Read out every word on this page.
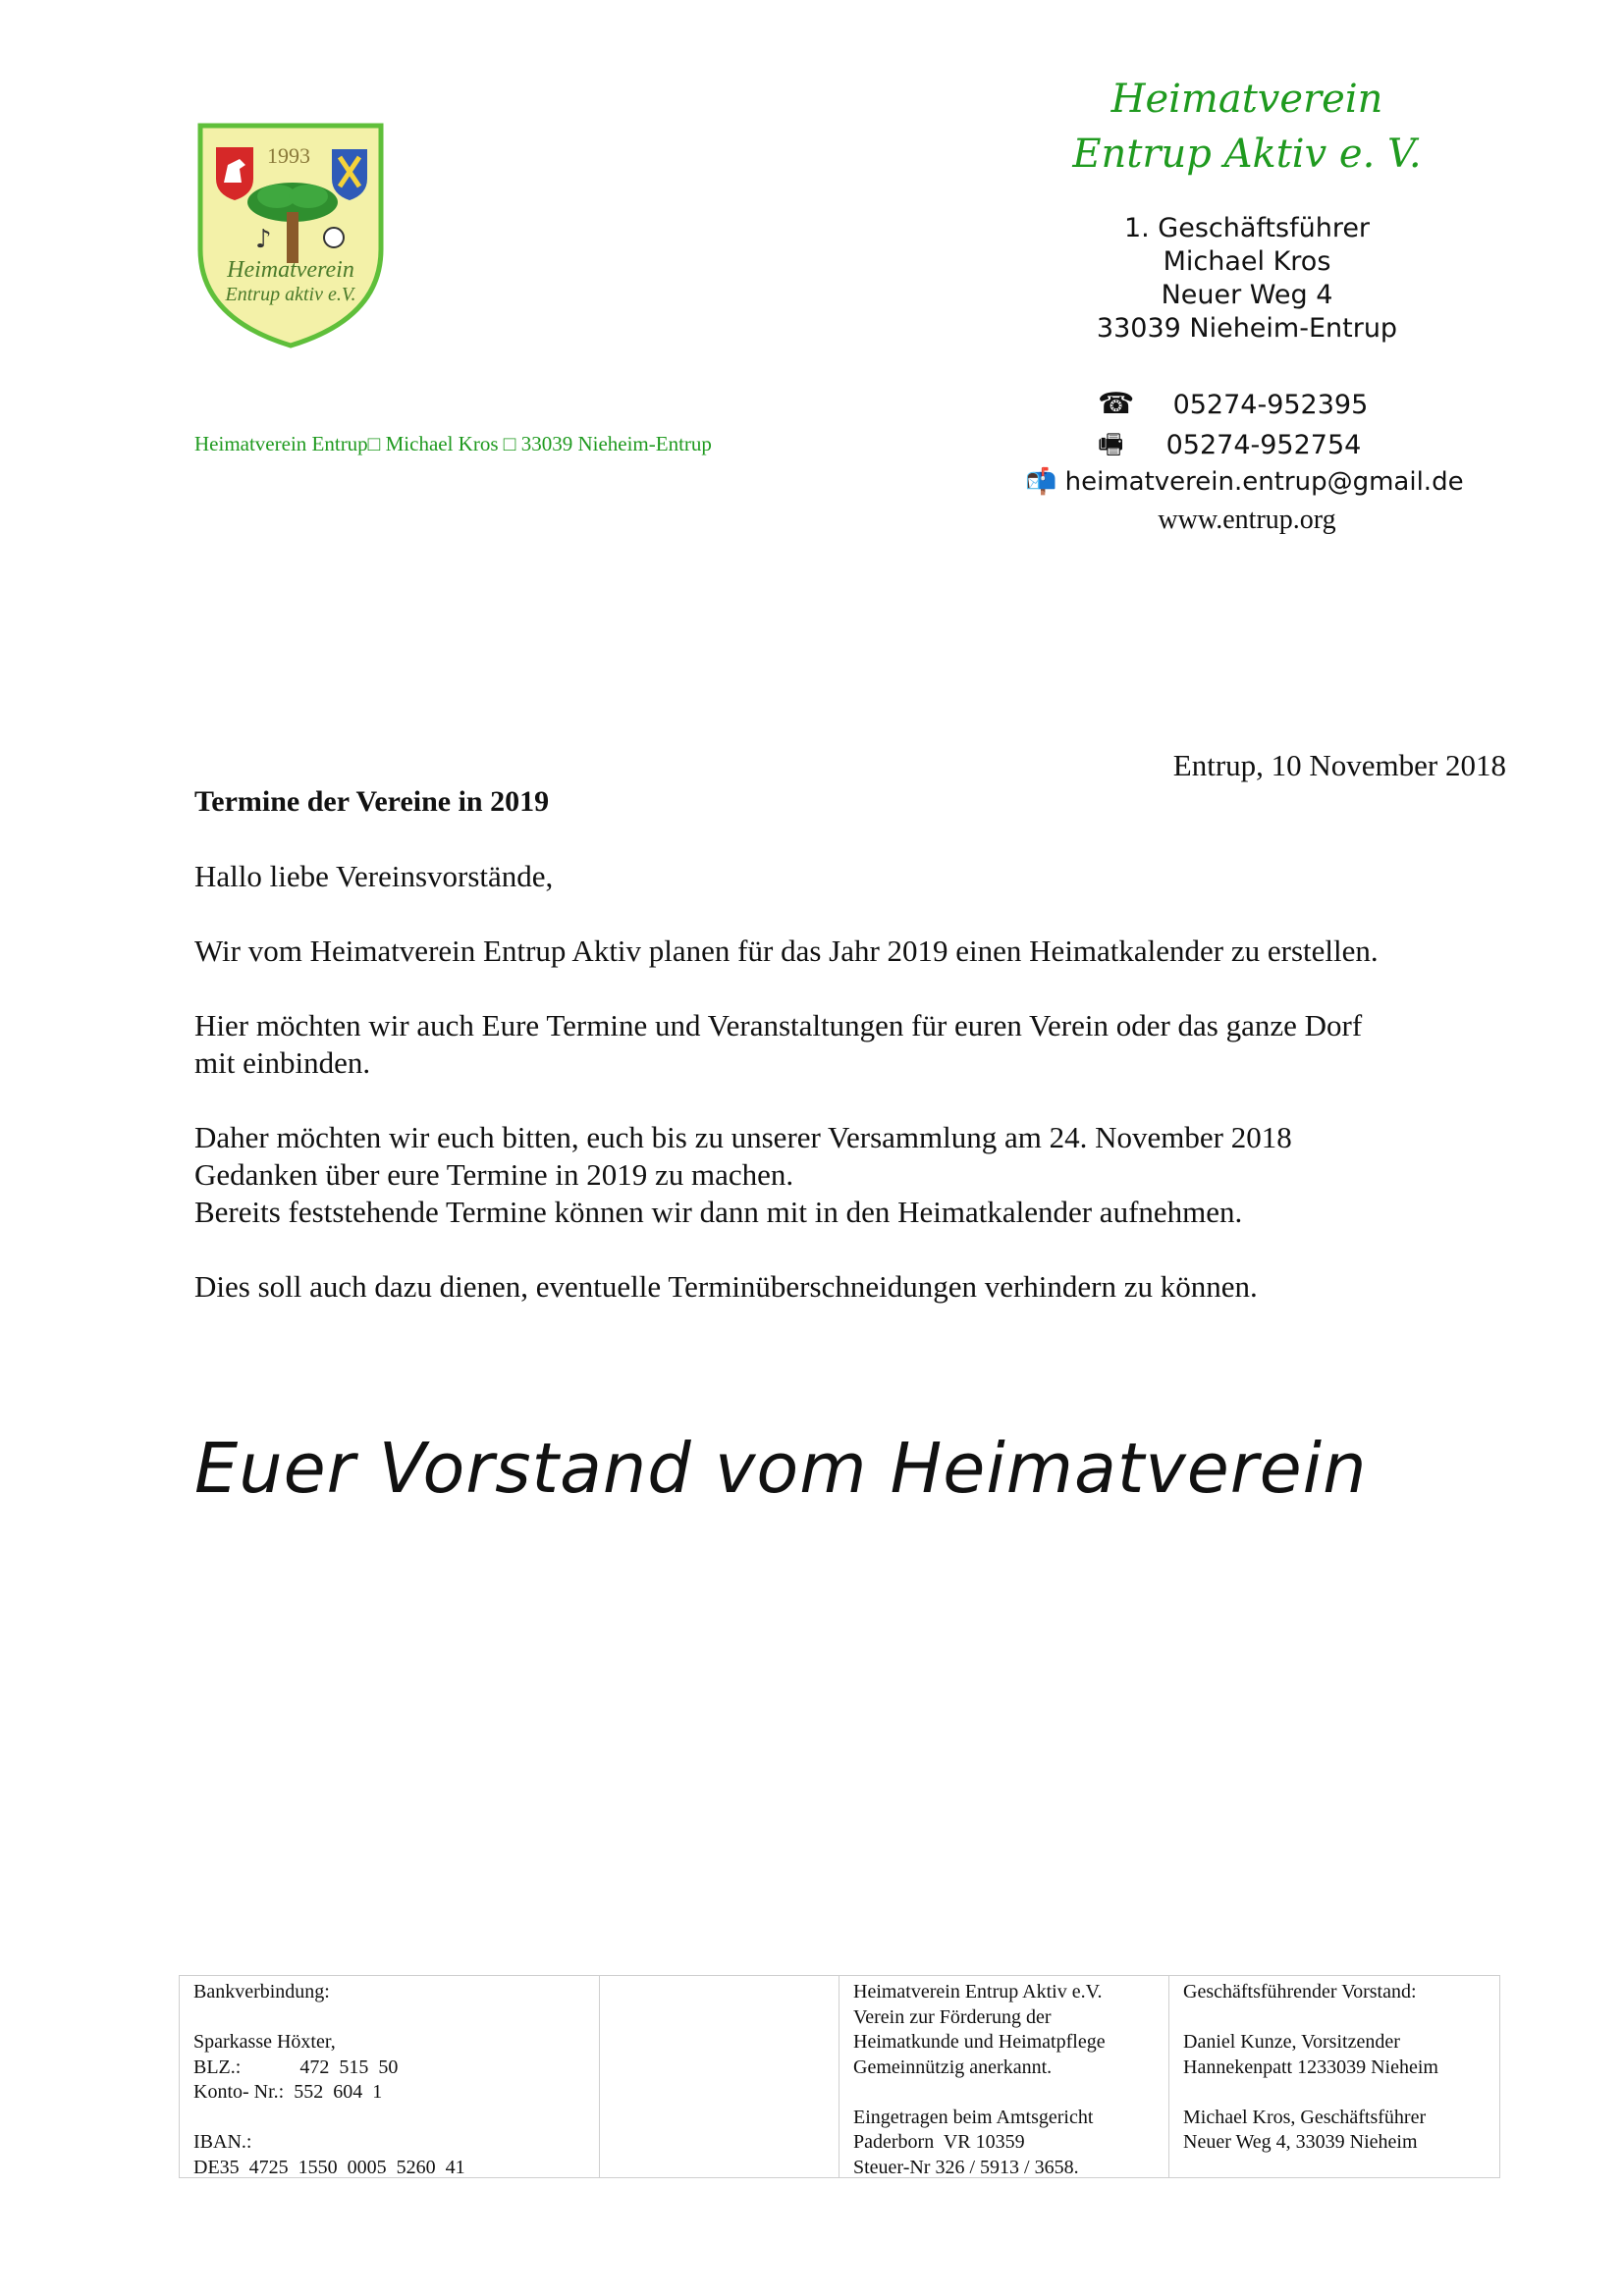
1993
♪
Heimatverein
Entrup aktiv e.V.
Heimatverein
Entrup Aktiv e. V.
1. Geschäftsführer
Michael Kros
Neuer Weg 4
33039 Nieheim-Entrup
☎ 05274-952395
🖷 05274-952754
📬 heimatverein.entrup@gmail.de
www.entrup.org
Heimatverein Entrup□ Michael Kros □ 33039 Nieheim-Entrup
Entrup, 10 November 2018
Termine der Vereine in 2019
Hallo liebe Vereinsvorstände,
Wir vom Heimatverein Entrup Aktiv planen für das Jahr 2019 einen Heimatkalender zu erstellen.
Hier möchten wir auch Eure Termine und Veranstaltungen für euren Verein oder das ganze Dorf
mit einbinden.
Daher möchten wir euch bitten, euch bis zu unserer Versammlung am 24. November 2018
Gedanken über eure Termine in 2019 zu machen.
Bereits feststehende Termine können wir dann mit in den Heimatkalender aufnehmen.
Dies soll auch dazu dienen, eventuelle Terminüberschneidungen verhindern zu können.
Euer Vorstand vom Heimatverein
Bankverbindung:
Sparkasse Höxter,
BLZ.:            472  515  50
Konto- Nr.:  552  604  1
IBAN.:
DE35  4725  1550  0005  5260  41
Heimatverein Entrup Aktiv e.V.
Verein zur Förderung der
Heimatkunde und Heimatpflege
Gemeinnützig anerkannt.
Eingetragen beim Amtsgericht
Paderborn  VR 10359
Steuer-Nr 326 / 5913 / 3658.
Geschäftsführender Vorstand:
Daniel Kunze, Vorsitzender
Hannekenpatt 1233039 Nieheim
Michael Kros, Geschäftsführer
Neuer Weg 4, 33039 Nieheim
